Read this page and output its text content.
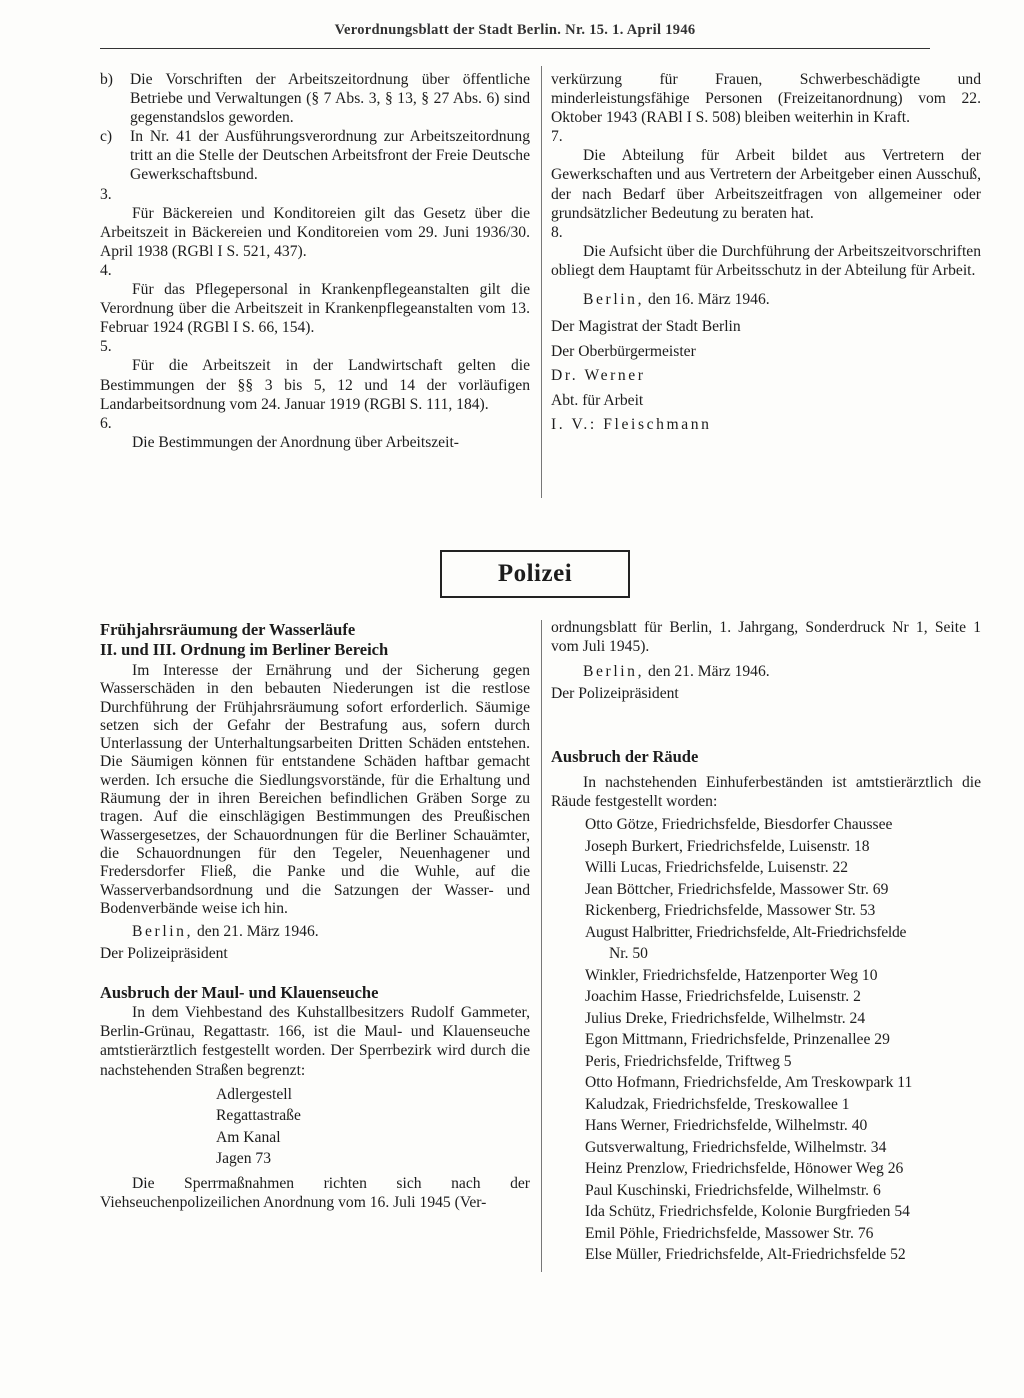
Verordnungsblatt der Stadt Berlin. Nr. 15. 1. April 1946
b)	Die Vorschriften der Arbeitszeitordnung über öffentliche Betriebe und Verwaltungen (§ 7 Abs. 3, § 13, § 27 Abs. 6) sind gegenstandslos geworden.
c)	In Nr. 41 der Ausführungsverordnung zur Arbeitszeitordnung tritt an die Stelle der Deutschen Arbeitsfront der Freie Deutsche Gewerkschaftsbund.

3.

Für Bäckereien und Konditoreien gilt das Gesetz über die Arbeitszeit in Bäckereien und Konditoreien vom 29. Juni 1936/30. April 1938 (RGBl I S. 521, 437).

4.

Für das Pflegepersonal in Krankenpflegeanstalten gilt die Verordnung über die Arbeitszeit in Krankenpflegeanstalten vom 13. Februar 1924 (RGBl I S. 66, 154).

5.

Für die Arbeitszeit in der Landwirtschaft gelten die Bestimmungen der §§ 3 bis 5, 12 und 14 der vorläufigen Landarbeitsordnung vom 24. Januar 1919 (RGBl S. 111, 184).

6.

Die Bestimmungen der Anordnung über Arbeitszeit-

verkürzung für Frauen, Schwerbeschädigte und minderleistungsfähige Personen (Freizeitanordnung) vom 22. Oktober 1943 (RABl I S. 508) bleiben weiterhin in Kraft.

7.

Die Abteilung für Arbeit bildet aus Vertretern der Gewerkschaften und aus Vertretern der Arbeitgeber einen Ausschuß, der nach Bedarf über Arbeitszeitfragen von allgemeiner oder grundsätzlicher Bedeutung zu beraten hat.

8.

Die Aufsicht über die Durchführung der Arbeitszeitvorschriften obliegt dem Hauptamt für Arbeitsschutz in der Abteilung für Arbeit.

Berlin, den 16. März 1946.

Der Magistrat der Stadt Berlin

Der Oberbürgermeister

Dr. Werner

Abt. für Arbeit

I. V.: Fleischmann

Polizei

Frühjahrsräumung der Wasserläufe

II. und III. Ordnung im Berliner Bereich

Im Interesse der Ernährung und der Sicherung gegen Wasserschäden in den bebauten Niederungen ist die restlose Durchführung der Frühjahrsräumung sofort erforderlich. Säumige setzen sich der Gefahr der Bestrafung aus, sofern durch Unterlassung der Unterhaltungsarbeiten Dritten Schäden entstehen. Die Säumigen können für entstandene Schäden haftbar gemacht werden. Ich ersuche die Siedlungsvorstände, für die Erhaltung und Räumung der in ihren Bereichen befindlichen Gräben Sorge zu tragen. Auf die einschlägigen Bestimmungen des Preußischen Wassergesetzes, der Schauordnungen für die Berliner Schauämter, die Schauordnungen für den Tegeler, Neuenhagener und Fredersdorfer Fließ, die Panke und die Wuhle, auf die Wasserverbandsordnung und die Satzungen der Wasser- und Bodenverbände weise ich hin.

Berlin, den 21. März 1946.

Der Polizeipräsident

Ausbruch der Maul- und Klauenseuche

In dem Viehbestand des Kuhstallbesitzers Rudolf Gammeter, Berlin-Grünau, Regattastr. 166, ist die Maul- und Klauenseuche amtstierärztlich festgestellt worden. Der Sperrbezirk wird durch die nachstehenden Straßen begrenzt:

Adlergestell

Regattastraße

Am Kanal

Jagen 73

Die Sperrmaßnahmen richten sich nach der Viehseuchenpolizeilichen Anordnung vom 16. Juli 1945 (Ver-

ordnungsblatt für Berlin, 1. Jahrgang, Sonderdruck Nr 1, Seite 1 vom Juli 1945).

Berlin, den 21. März 1946.

Der Polizeipräsident

Ausbruch der Räude

In nachstehenden Einhuferbeständen ist amtstierärztlich die Räude festgestellt worden:

Otto Götze, Friedrichsfelde, Biesdorfer Chaussee

Joseph Burkert, Friedrichsfelde, Luisenstr. 18

Willi Lucas, Friedrichsfelde, Luisenstr. 22

Jean Böttcher, Friedrichsfelde, Massower Str. 69

Rickenberg, Friedrichsfelde, Massower Str. 53

August Halbritter, Friedrichsfelde, Alt-Friedrichsfelde

Nr. 50

Winkler, Friedrichsfelde, Hatzenporter Weg 10

Joachim Hasse, Friedrichsfelde, Luisenstr. 2

Julius Dreke, Friedrichsfelde, Wilhelmstr. 24

Egon Mittmann, Friedrichsfelde, Prinzenallee 29

Peris, Friedrichsfelde, Triftweg 5

Otto Hofmann, Friedrichsfelde, Am Treskowpark 11

Kaludzak, Friedrichsfelde, Treskowallee 1

Hans Werner, Friedrichsfelde, Wilhelmstr. 40

Gutsverwaltung, Friedrichsfelde, Wilhelmstr. 34

Heinz Prenzlow, Friedrichsfelde, Hönower Weg 26

Paul Kuschinski, Friedrichsfelde, Wilhelmstr. 6

Ida Schütz, Friedrichsfelde, Kolonie Burgfrieden 54

Emil Pöhle, Friedrichsfelde, Massower Str. 76

Else Müller, Friedrichsfelde, Alt-Friedrichsfelde 52
